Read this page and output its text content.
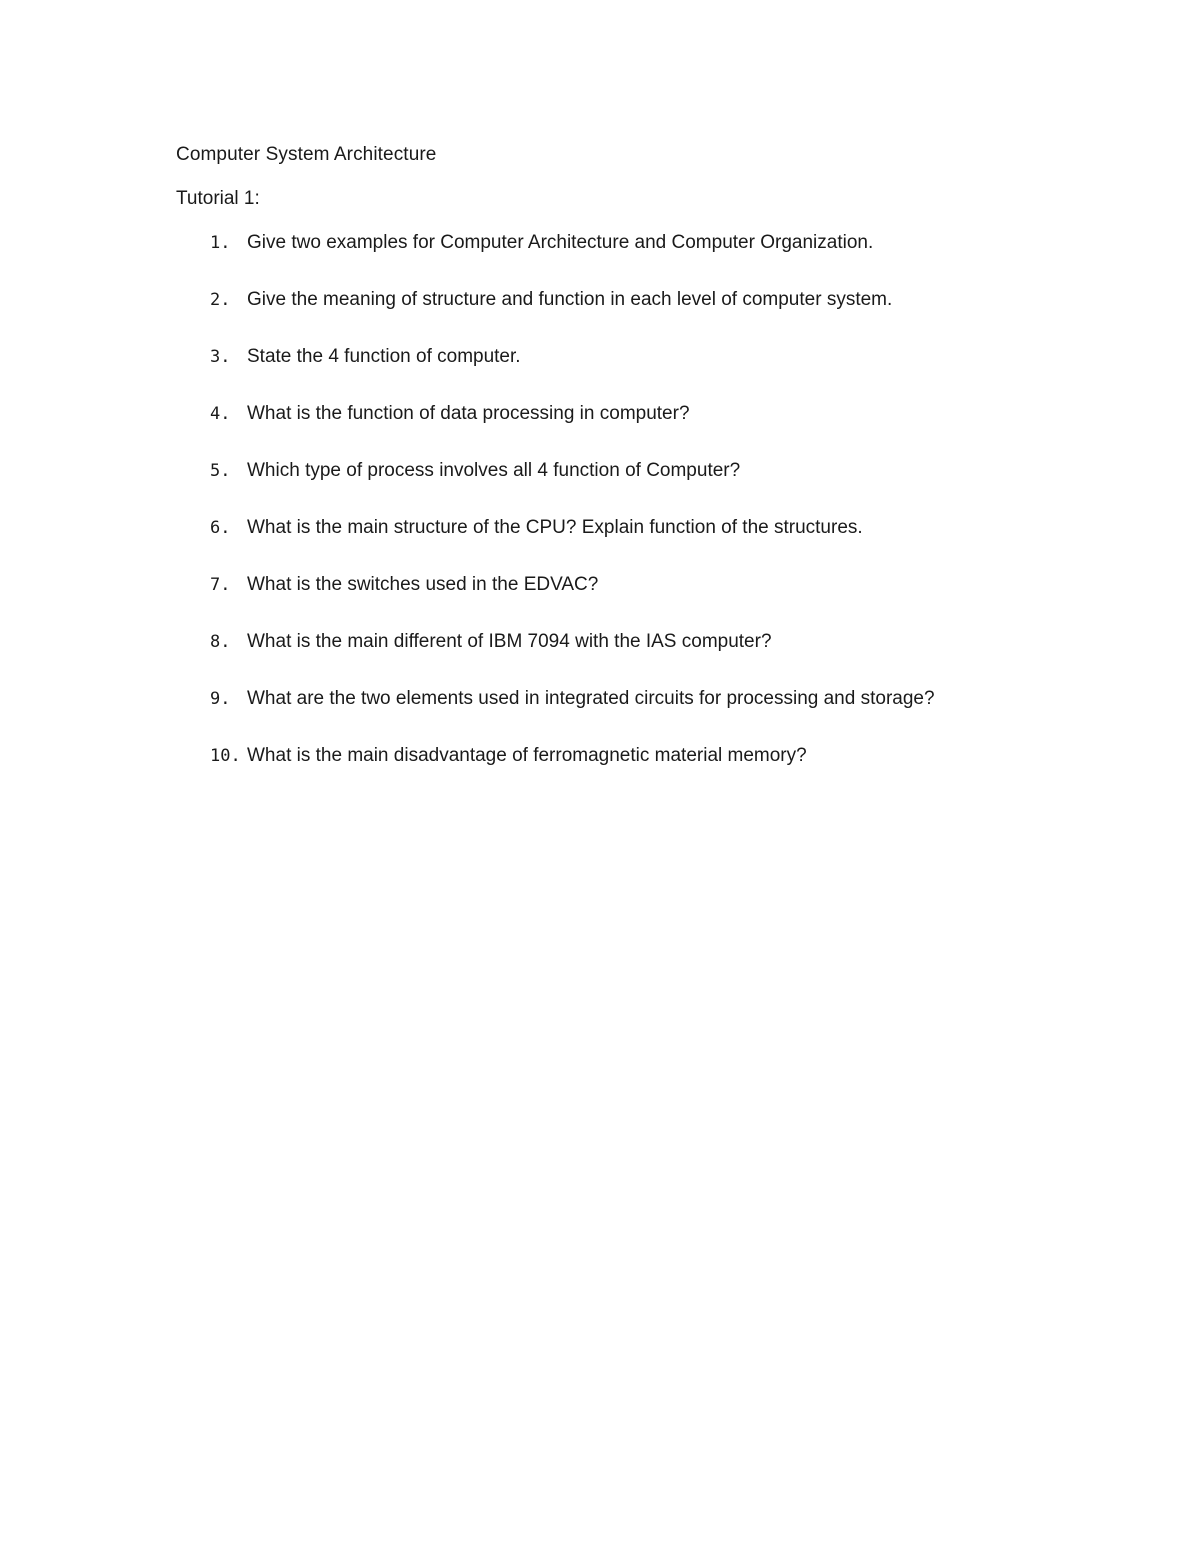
Computer System Architecture
Tutorial 1:
1. Give two examples for Computer Architecture and Computer Organization.
2. Give the meaning of structure and function in each level of computer system.
3. State the 4 function of computer.
4. What is the function of data processing in computer?
5. Which type of process involves all 4 function of Computer?
6. What is the main structure of the CPU? Explain function of the structures.
7. What is the switches used in the EDVAC?
8. What is the main different of IBM 7094 with the IAS computer?
9. What are the two elements used in integrated circuits for processing and storage?
10. What is the main disadvantage of ferromagnetic material memory?
